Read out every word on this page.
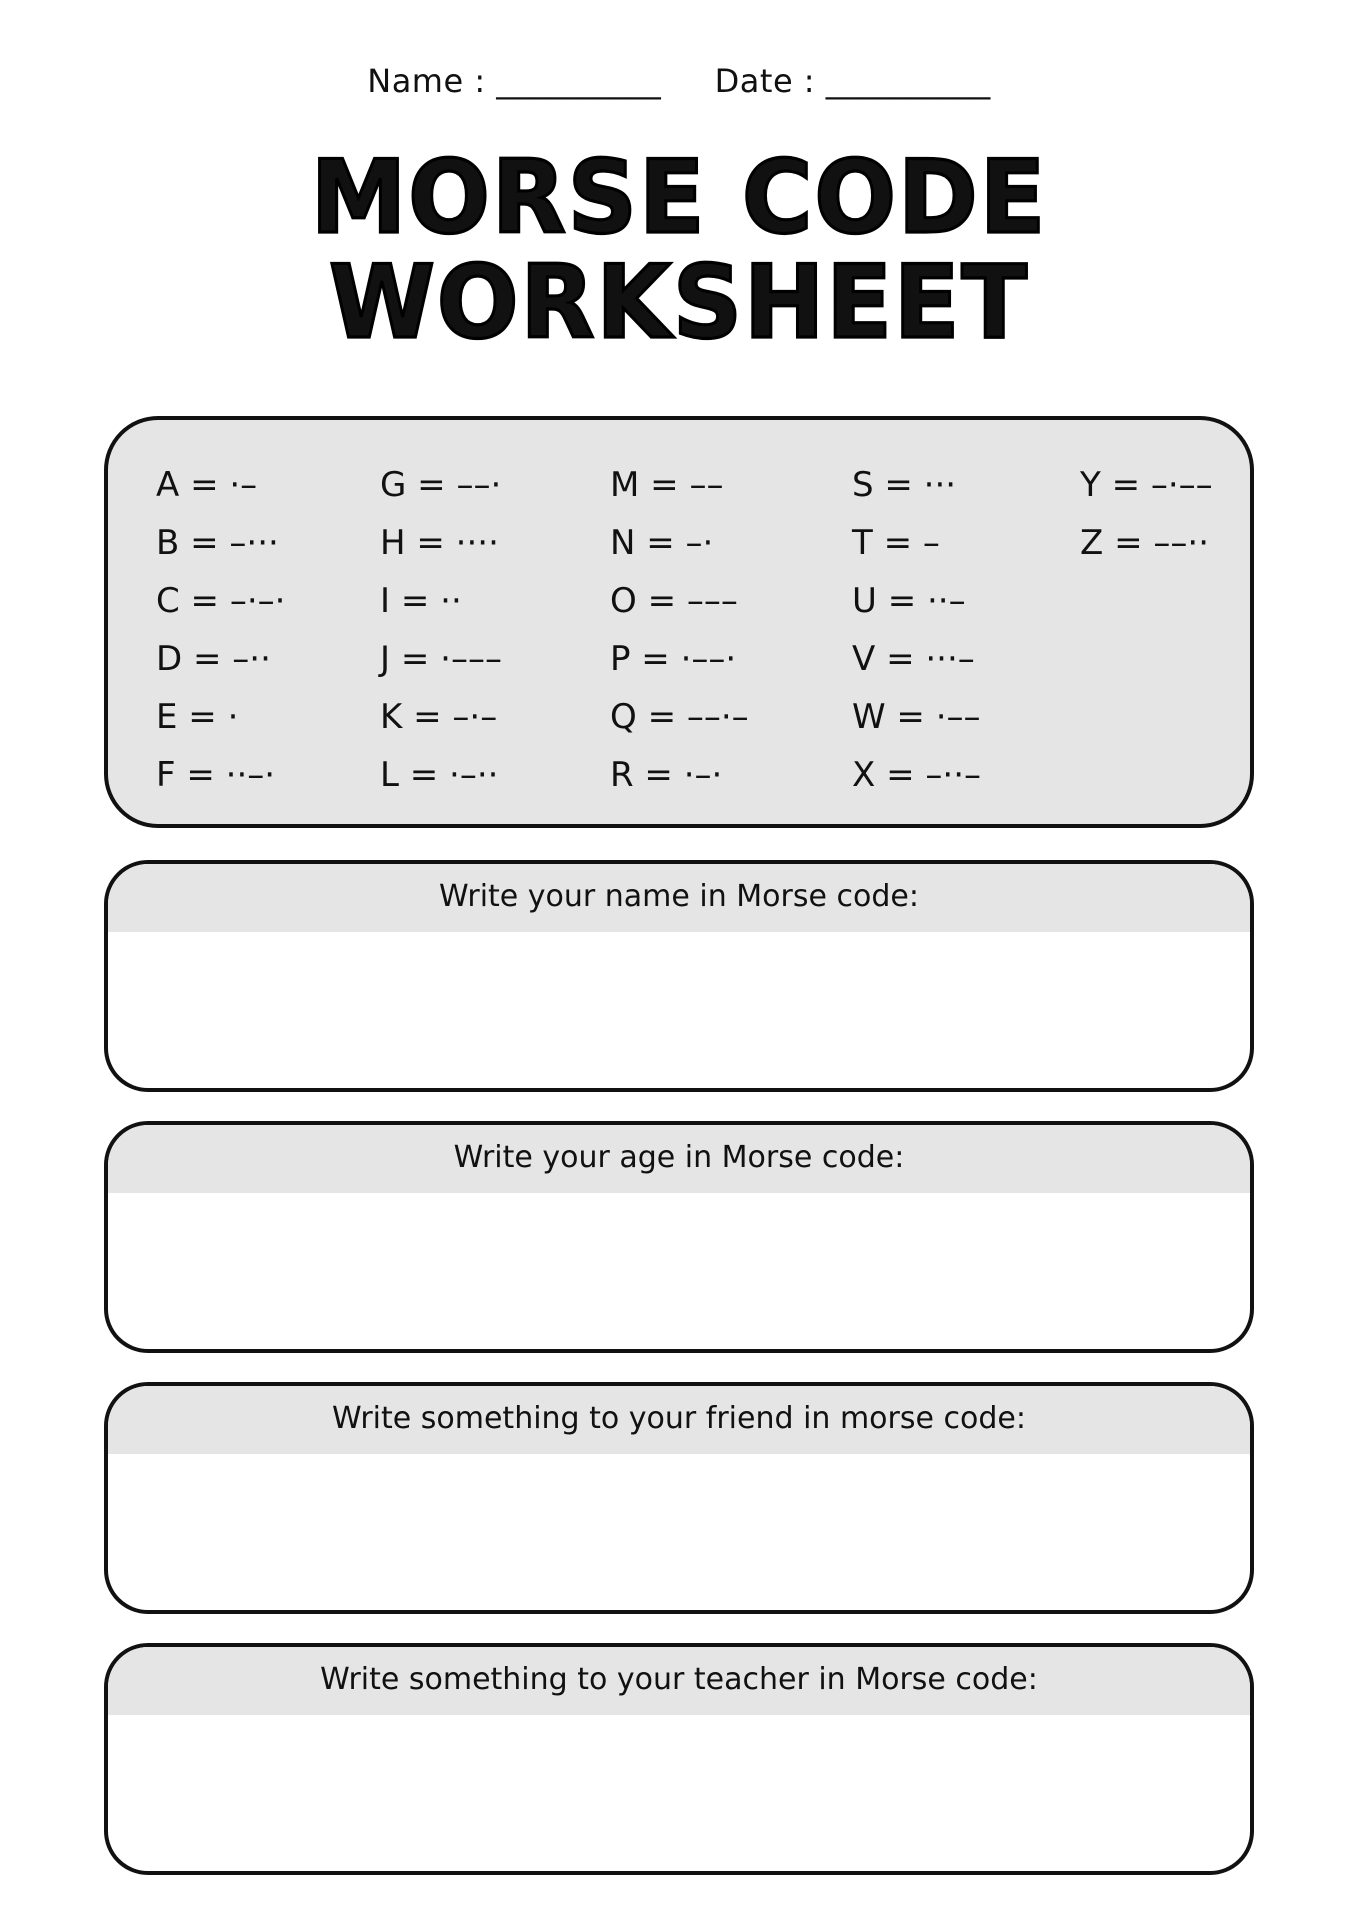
Name : __________ Date : __________
MORSE CODE
WORKSHEET
A = ·–
B = –···
C = –·–·
D = –··
E = ·
F = ··–·
G = ––·
H = ····
I = ··
J = ·–––
K = –·–
L = ·–··
M = ––
N = –·
O = –––
P = ·––·
Q = ––·–
R = ·–·
S = ···
T = –
U = ··–
V = ···–
W = ·––
X = –··–
Y = –·––
Z = ––··
Write your name in Morse code:
Write your age in Morse code:
Write something to your friend in morse code:
Write something to your teacher in Morse code:
